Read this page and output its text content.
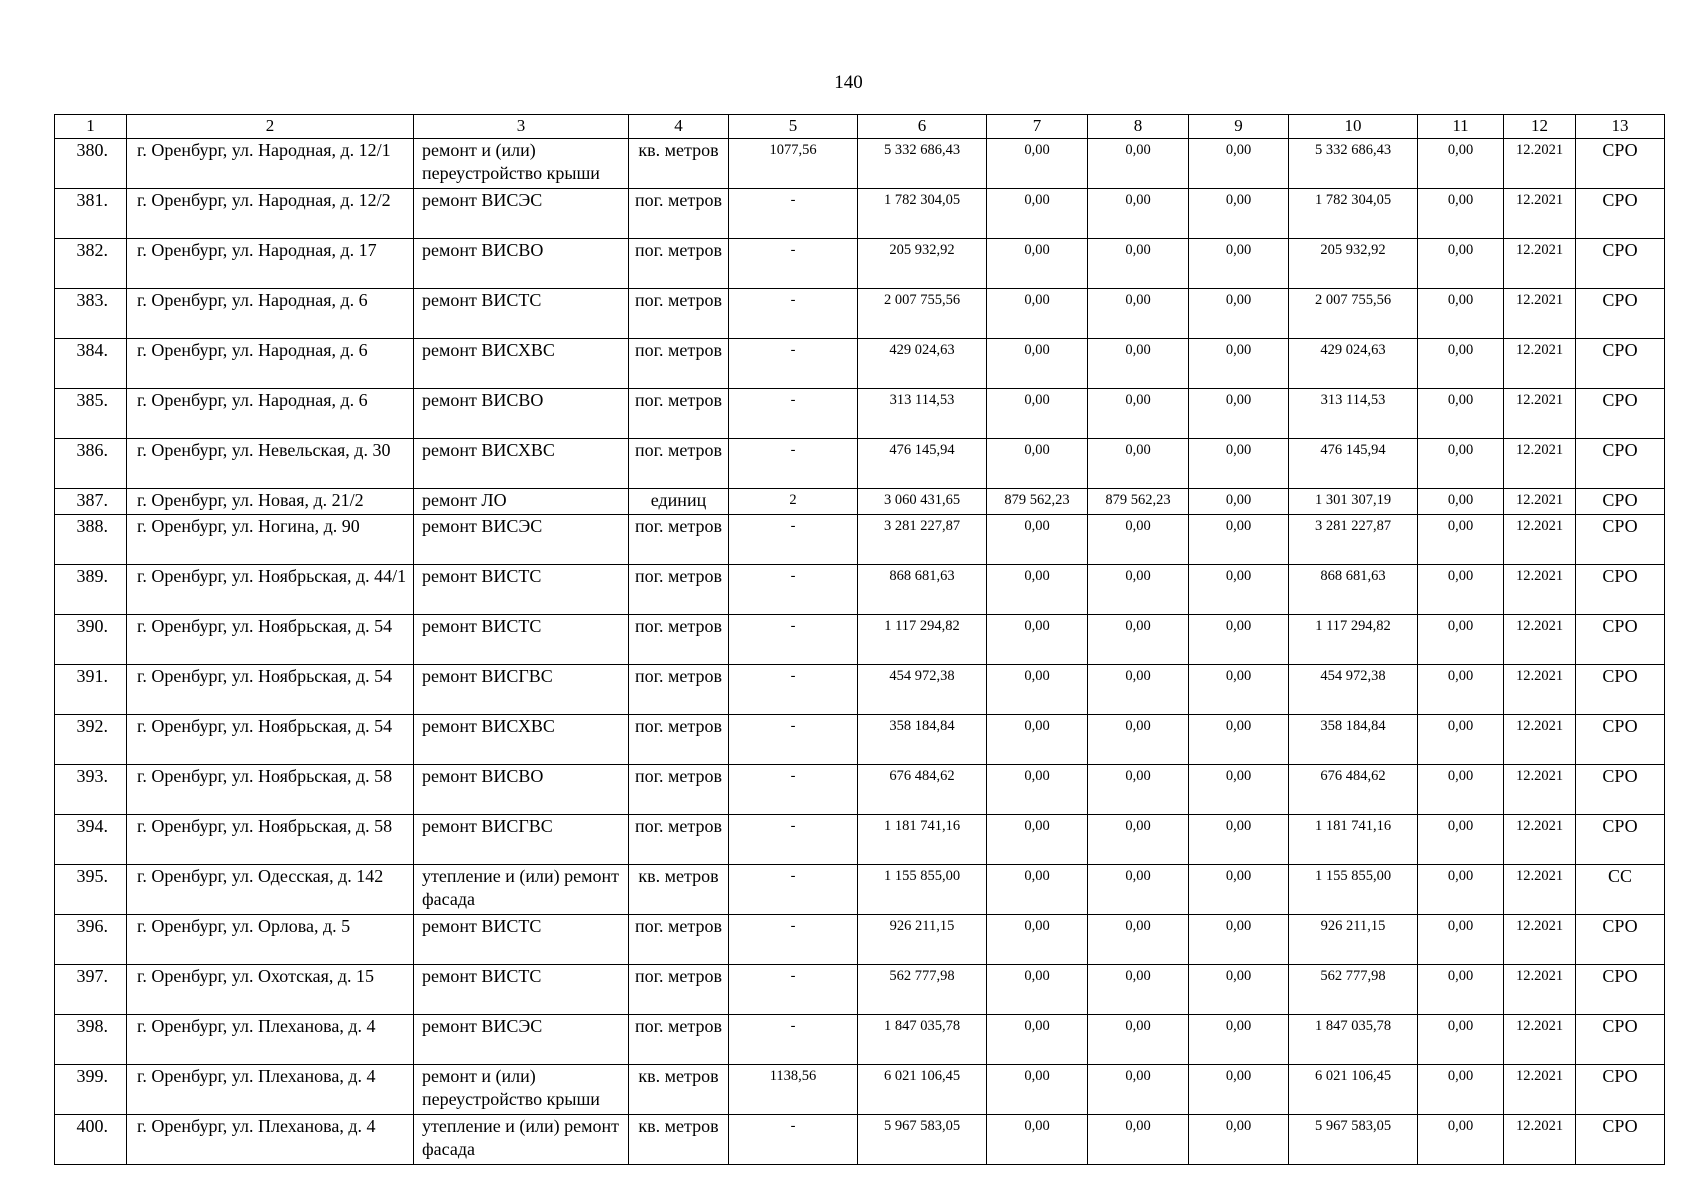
140
1	2	3	4	5	6	7	8	9	10	11	12	13
380.	г. Оренбург, ул. Народная, д. 12/1	ремонт и (или) переустройство крыши	кв. метров	1077,56	5 332 686,43	0,00	0,00	0,00	5 332 686,43	0,00	12.2021	СРО
381.	г. Оренбург, ул. Народная, д. 12/2	ремонт ВИСЭС	пог. метров	-	1 782 304,05	0,00	0,00	0,00	1 782 304,05	0,00	12.2021	СРО
382.	г. Оренбург, ул. Народная, д. 17	ремонт ВИСВО	пог. метров	-	205 932,92	0,00	0,00	0,00	205 932,92	0,00	12.2021	СРО
383.	г. Оренбург, ул. Народная, д. 6	ремонт ВИСТС	пог. метров	-	2 007 755,56	0,00	0,00	0,00	2 007 755,56	0,00	12.2021	СРО
384.	г. Оренбург, ул. Народная, д. 6	ремонт ВИСХВС	пог. метров	-	429 024,63	0,00	0,00	0,00	429 024,63	0,00	12.2021	СРО
385.	г. Оренбург, ул. Народная, д. 6	ремонт ВИСВО	пог. метров	-	313 114,53	0,00	0,00	0,00	313 114,53	0,00	12.2021	СРО
386.	г. Оренбург, ул. Невельская, д. 30	ремонт ВИСХВС	пог. метров	-	476 145,94	0,00	0,00	0,00	476 145,94	0,00	12.2021	СРО
387.	г. Оренбург, ул. Новая, д. 21/2	ремонт ЛО	единиц	2	3 060 431,65	879 562,23	879 562,23	0,00	1 301 307,19	0,00	12.2021	СРО
388.	г. Оренбург, ул. Ногина, д. 90	ремонт ВИСЭС	пог. метров	-	3 281 227,87	0,00	0,00	0,00	3 281 227,87	0,00	12.2021	СРО
389.	г. Оренбург, ул. Ноябрьская, д. 44/1	ремонт ВИСТС	пог. метров	-	868 681,63	0,00	0,00	0,00	868 681,63	0,00	12.2021	СРО
390.	г. Оренбург, ул. Ноябрьская, д. 54	ремонт ВИСТС	пог. метров	-	1 117 294,82	0,00	0,00	0,00	1 117 294,82	0,00	12.2021	СРО
391.	г. Оренбург, ул. Ноябрьская, д. 54	ремонт ВИСГВС	пог. метров	-	454 972,38	0,00	0,00	0,00	454 972,38	0,00	12.2021	СРО
392.	г. Оренбург, ул. Ноябрьская, д. 54	ремонт ВИСХВС	пог. метров	-	358 184,84	0,00	0,00	0,00	358 184,84	0,00	12.2021	СРО
393.	г. Оренбург, ул. Ноябрьская, д. 58	ремонт ВИСВО	пог. метров	-	676 484,62	0,00	0,00	0,00	676 484,62	0,00	12.2021	СРО
394.	г. Оренбург, ул. Ноябрьская, д. 58	ремонт ВИСГВС	пог. метров	-	1 181 741,16	0,00	0,00	0,00	1 181 741,16	0,00	12.2021	СРО
395.	г. Оренбург, ул. Одесская, д. 142	утепление и (или) ремонт фасада	кв. метров	-	1 155 855,00	0,00	0,00	0,00	1 155 855,00	0,00	12.2021	СС
396.	г. Оренбург, ул. Орлова, д. 5	ремонт ВИСТС	пог. метров	-	926 211,15	0,00	0,00	0,00	926 211,15	0,00	12.2021	СРО
397.	г. Оренбург, ул. Охотская, д. 15	ремонт ВИСТС	пог. метров	-	562 777,98	0,00	0,00	0,00	562 777,98	0,00	12.2021	СРО
398.	г. Оренбург, ул. Плеханова, д. 4	ремонт ВИСЭС	пог. метров	-	1 847 035,78	0,00	0,00	0,00	1 847 035,78	0,00	12.2021	СРО
399.	г. Оренбург, ул. Плеханова, д. 4	ремонт и (или) переустройство крыши	кв. метров	1138,56	6 021 106,45	0,00	0,00	0,00	6 021 106,45	0,00	12.2021	СРО
400.	г. Оренбург, ул. Плеханова, д. 4	утепление и (или) ремонт фасада	кв. метров	-	5 967 583,05	0,00	0,00	0,00	5 967 583,05	0,00	12.2021	СРО
